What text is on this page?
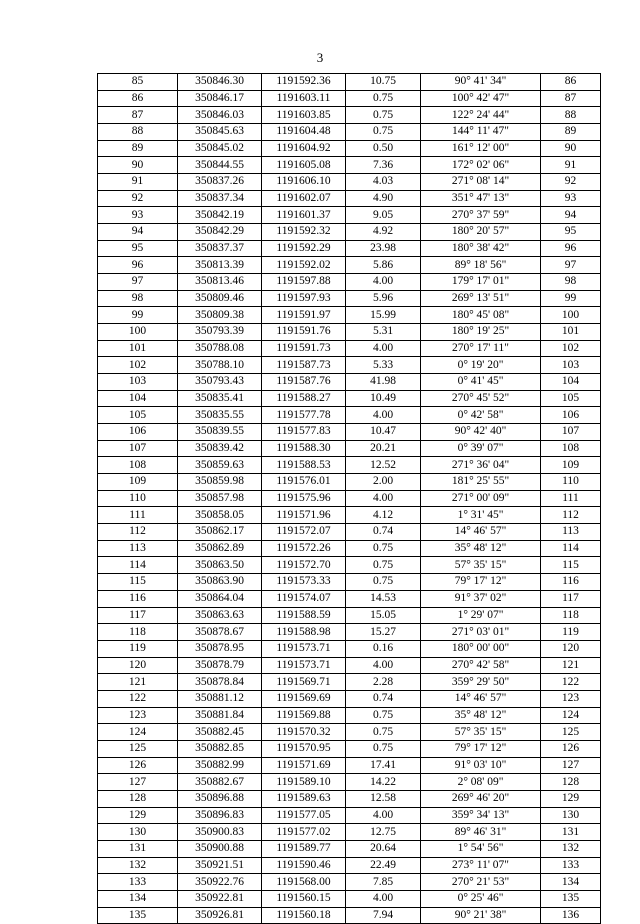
3
85	350846.30	1191592.36	10.75	90° 41' 34"	86
86	350846.17	1191603.11	0.75	100° 42' 47"	87
87	350846.03	1191603.85	0.75	122° 24' 44"	88
88	350845.63	1191604.48	0.75	144° 11' 47"	89
89	350845.02	1191604.92	0.50	161° 12' 00"	90
90	350844.55	1191605.08	7.36	172° 02' 06"	91
91	350837.26	1191606.10	4.03	271° 08' 14"	92
92	350837.34	1191602.07	4.90	351° 47' 13"	93
93	350842.19	1191601.37	9.05	270° 37' 59"	94
94	350842.29	1191592.32	4.92	180° 20' 57"	95
95	350837.37	1191592.29	23.98	180° 38' 42"	96
96	350813.39	1191592.02	5.86	89° 18' 56"	97
97	350813.46	1191597.88	4.00	179° 17' 01"	98
98	350809.46	1191597.93	5.96	269° 13' 51"	99
99	350809.38	1191591.97	15.99	180° 45' 08"	100
100	350793.39	1191591.76	5.31	180° 19' 25"	101
101	350788.08	1191591.73	4.00	270° 17' 11"	102
102	350788.10	1191587.73	5.33	0° 19' 20"	103
103	350793.43	1191587.76	41.98	0° 41' 45"	104
104	350835.41	1191588.27	10.49	270° 45' 52"	105
105	350835.55	1191577.78	4.00	0° 42' 58"	106
106	350839.55	1191577.83	10.47	90° 42' 40"	107
107	350839.42	1191588.30	20.21	0° 39' 07"	108
108	350859.63	1191588.53	12.52	271° 36' 04"	109
109	350859.98	1191576.01	2.00	181° 25' 55"	110
110	350857.98	1191575.96	4.00	271° 00' 09"	111
111	350858.05	1191571.96	4.12	1° 31' 45"	112
112	350862.17	1191572.07	0.74	14° 46' 57"	113
113	350862.89	1191572.26	0.75	35° 48' 12"	114
114	350863.50	1191572.70	0.75	57° 35' 15"	115
115	350863.90	1191573.33	0.75	79° 17' 12"	116
116	350864.04	1191574.07	14.53	91° 37' 02"	117
117	350863.63	1191588.59	15.05	1° 29' 07"	118
118	350878.67	1191588.98	15.27	271° 03' 01"	119
119	350878.95	1191573.71	0.16	180° 00' 00"	120
120	350878.79	1191573.71	4.00	270° 42' 58"	121
121	350878.84	1191569.71	2.28	359° 29' 50"	122
122	350881.12	1191569.69	0.74	14° 46' 57"	123
123	350881.84	1191569.88	0.75	35° 48' 12"	124
124	350882.45	1191570.32	0.75	57° 35' 15"	125
125	350882.85	1191570.95	0.75	79° 17' 12"	126
126	350882.99	1191571.69	17.41	91° 03' 10"	127
127	350882.67	1191589.10	14.22	2° 08' 09"	128
128	350896.88	1191589.63	12.58	269° 46' 20"	129
129	350896.83	1191577.05	4.00	359° 34' 13"	130
130	350900.83	1191577.02	12.75	89° 46' 31"	131
131	350900.88	1191589.77	20.64	1° 54' 56"	132
132	350921.51	1191590.46	22.49	273° 11' 07"	133
133	350922.76	1191568.00	7.85	270° 21' 53"	134
134	350922.81	1191560.15	4.00	0° 25' 46"	135
135	350926.81	1191560.18	7.94	90° 21' 38"	136
